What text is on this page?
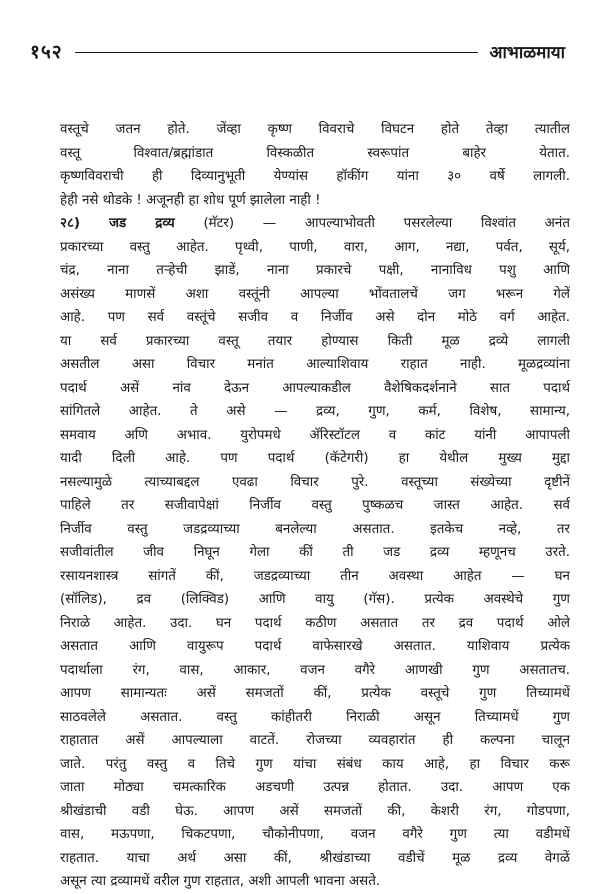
१५२	आभाळमाया
वस्तूचे जतन होते. जेंव्हा कृष्ण विवराचे विघटन होते तेव्हा त्यातील
वस्तू विश्वात/ब्रह्मांडात विस्कळीत स्वरूपांत बाहेर येतात.
कृष्णविवराची ही दिव्यानुभूती येण्यांस हॉकींग यांना ३० वर्षे लागली.
हेही नसे थोडके ! अजूनही हा शोध पूर्ण झालेला नाही !
२८) जड द्रव्य (मॅटर) — आपल्याभोवती पसरलेल्या विश्वांत अनंत
प्रकारच्या वस्तु आहेत. पृथ्वी, पाणी, वारा, आग, नद्या, पर्वत, सूर्य,
चंद्र, नाना तऱ्हेची झाडें, नाना प्रकारचे पक्षी, नानाविध पशु आणि
असंख्य माणसें अशा वस्तूंनी आपल्या भोंवतालचें जग भरून गेलें
आहे. पण सर्व वस्तूंचे सजीव व निर्जीव असे दोन मोठे वर्ग आहेत.
या सर्व प्रकारच्या वस्तू तयार होण्यास किती मूळ द्रव्ये लागली
असतील असा विचार मनांत आल्याशिवाय राहात नाही. मूळद्रव्यांना
पदार्थ असें नांव देऊन आपल्याकडील वैशेषिकदर्शनाने सात पदार्थ
सांगितले आहेत. ते असे — द्रव्य, गुण, कर्म, विशेष, सामान्य,
समवाय अणि अभाव. युरोपमधे ॲरिस्टॉटल व कांट यांनी आपापली
यादी दिली आहे. पण पदार्थ (कॅटेगरी) हा येथील मुख्य मुद्दा
नसल्यामुळे त्याच्याबद्दल एवढा विचार पुरे. वस्तूच्या संख्येच्या दृष्टीनें
पाहिले तर सजीवापेक्षां निर्जीव वस्तु पुष्कळच जास्त आहेत. सर्व
निर्जीव वस्तु जडद्रव्याच्या बनलेल्या असतात. इतकेच नव्हे, तर
सजीवांतील जीव निघून गेला कीं ती जड द्रव्य म्हणूनच उरते.
रसायनशास्त्र सांगतें कीं, जडद्रव्याच्या तीन अवस्था आहेत — घन
(सॉलिड), द्रव (लिक्विड) आणि वायु (गॅस). प्रत्येक अवस्थेचे गुण
निराळे आहेत. उदा. घन पदार्थ कठीण असतात तर द्रव पदार्थ ओले
असतात आणि वायुरूप पदार्थ वाफेसारखे असतात. याशिवाय प्रत्येक
पदार्थाला रंग, वास, आकार, वजन वगैरे आणखी गुण असतातच.
आपण सामान्यतः असें समजतों कीं, प्रत्येक वस्तूचे गुण तिच्यामधें
साठवलेले असतात. वस्तु कांहीतरी निराळी असून तिच्यामधें गुण
राहातात असें आपल्याला वाटतें. रोजच्या व्यवहारांत ही कल्पना चालून
जाते. परंतु वस्तु व तिचे गुण यांचा संबंध काय आहे, हा विचार करू
जाता मोठ्या चमत्कारिक अडचणी उत्पन्न होतात. उदा. आपण एक
श्रीखंडाची वडी घेऊ. आपण असें समजतों की, केशरी रंग, गोडपणा,
वास, मऊपणा, चिकटपणा, चौकोनीपणा, वजन वगैरे गुण त्या वडीमधें
राहतात. याचा अर्थ असा कीं, श्रीखंडाच्या वडीचें मूळ द्रव्य वेगळें
असून त्या द्रव्यामधें वरील गुण राहतात, अशी आपली भावना असते.
